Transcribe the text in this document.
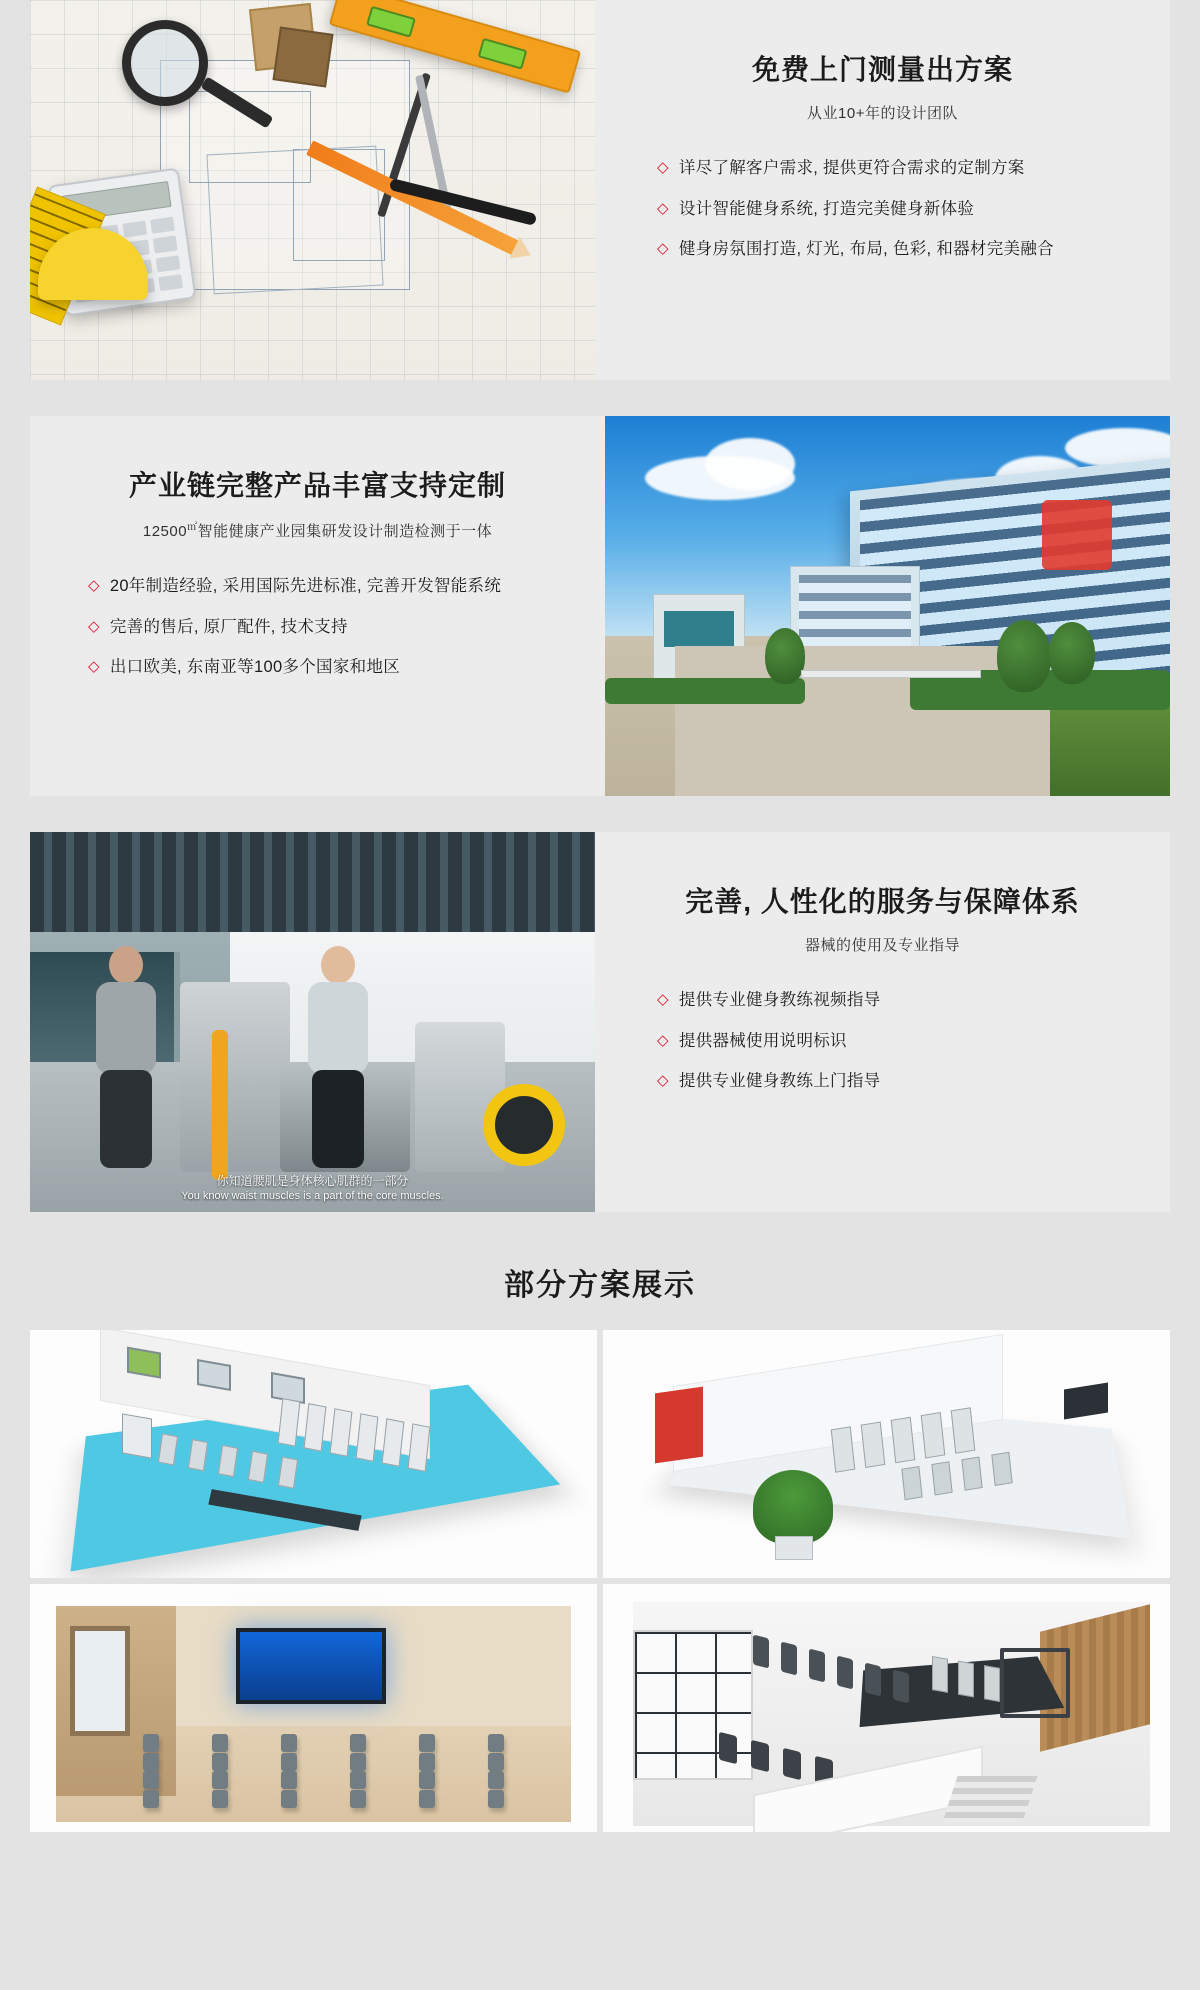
免费上门测量出方案
从业10+年的设计团队
◇ 详尽了解客户需求, 提供更符合需求的定制方案
◇ 设计智能健身系统, 打造完美健身新体验
◇ 健身房氛围打造, 灯光, 布局, 色彩, 和器材完美融合
产业链完整产品丰富支持定制
12500㎡智能健康产业园集研发设计制造检测于一体
◇ 20年制造经验, 采用国际先进标准, 完善开发智能系统
◇ 完善的售后, 原厂配件, 技术支持
◇ 出口欧美, 东南亚等100多个国家和地区
你知道腰肌是身体核心肌群的一部分
You know waist muscles is a part of the core muscles.
完善, 人性化的服务与保障体系
器械的使用及专业指导
◇ 提供专业健身教练视频指导
◇ 提供器械使用说明标识
◇ 提供专业健身教练上门指导
部分方案展示
